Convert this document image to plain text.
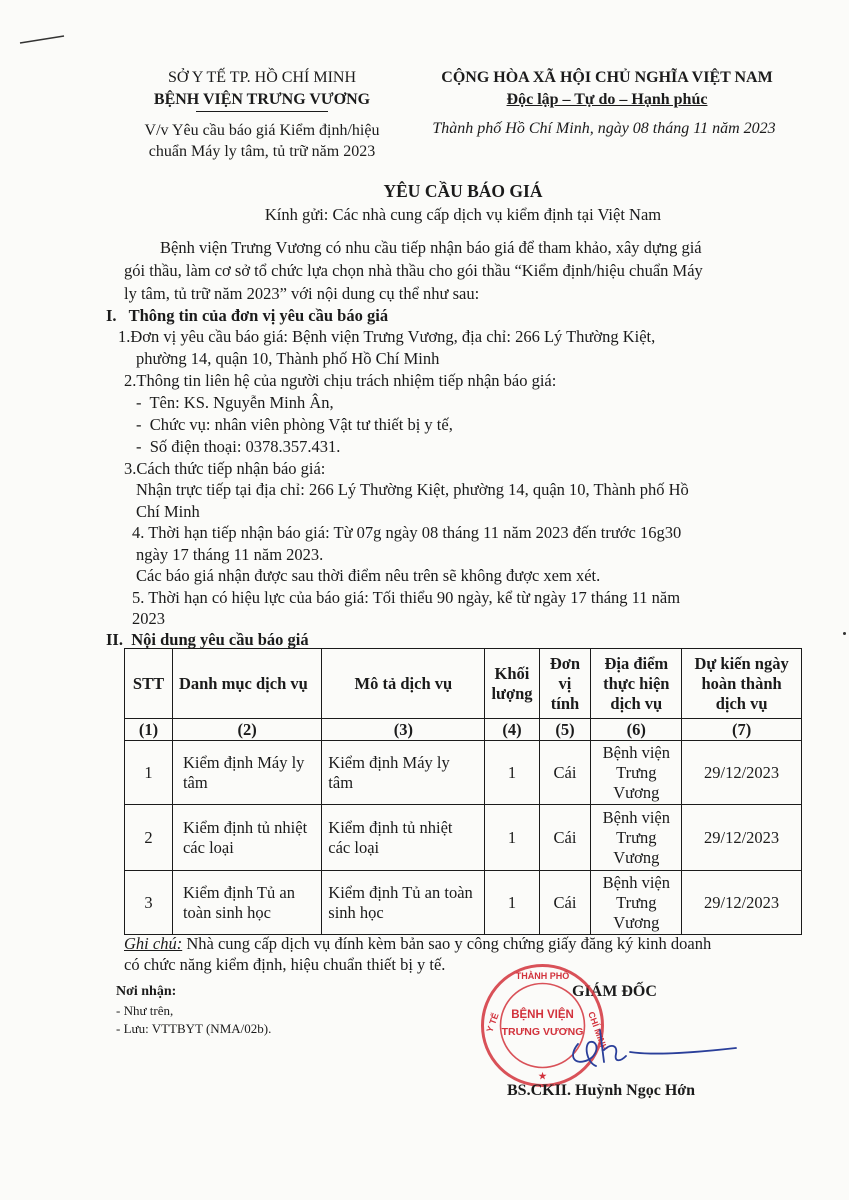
SỞ Y TẾ TP. HỒ CHÍ MINH
BỆNH VIỆN TRƯNG VƯƠNG
V/v Yêu cầu báo giá Kiểm định/hiệu
chuẩn Máy ly tâm, tủ trữ năm 2023
CỘNG HÒA XÃ HỘI CHỦ NGHĨA VIỆT NAM
Độc lập – Tự do – Hạnh phúc
Thành phố Hồ Chí Minh, ngày 08 tháng 11 năm 2023
YÊU CẦU BÁO GIÁ
Kính gửi: Các nhà cung cấp dịch vụ kiểm định tại Việt Nam
Bệnh viện Trưng Vương có nhu cầu tiếp nhận báo giá để tham khảo, xây dựng giá
gói thầu, làm cơ sở tổ chức lựa chọn nhà thầu cho gói thầu “Kiểm định/hiệu chuẩn Máy
ly tâm, tủ trữ năm 2023” với nội dung cụ thể như sau:
I.   Thông tin của đơn vị yêu cầu báo giá
1.Đơn vị yêu cầu báo giá: Bệnh viện Trưng Vương, địa chỉ: 266 Lý Thường Kiệt,
phường 14, quận 10, Thành phố Hồ Chí Minh
2.Thông tin liên hệ của người chịu trách nhiệm tiếp nhận báo giá:
-  Tên: KS. Nguyễn Minh Ân,
-  Chức vụ: nhân viên phòng Vật tư thiết bị y tế,
-  Số điện thoại: 0378.357.431.
3.Cách thức tiếp nhận báo giá:
Nhận trực tiếp tại địa chỉ: 266 Lý Thường Kiệt, phường 14, quận 10, Thành phố Hồ
Chí Minh
4. Thời hạn tiếp nhận báo giá: Từ 07g ngày 08 tháng 11 năm 2023 đến trước 16g30
ngày 17 tháng 11 năm 2023.
Các báo giá nhận được sau thời điểm nêu trên sẽ không được xem xét.
5. Thời hạn có hiệu lực của báo giá: Tối thiểu 90 ngày, kể từ ngày 17 tháng 11 năm
2023
II.  Nội dung yêu cầu báo giá
STT	Danh mục dịch vụ	Mô tả dịch vụ	Khối lượng	Đơn vị tính	Địa điểm thực hiện dịch vụ	Dự kiến ngày hoàn thành dịch vụ
(1)	(2)	(3)	(4)	(5)	(6)	(7)
1	Kiểm định Máy ly tâm	Kiểm định Máy ly tâm	1	Cái	Bệnh viện Trưng Vương	29/12/2023
2	Kiểm định tủ nhiệt các loại	Kiểm định tủ nhiệt các loại	1	Cái	Bệnh viện Trưng Vương	29/12/2023
3	Kiểm định Tủ an toàn sinh học	Kiểm định Tủ an toàn sinh học	1	Cái	Bệnh viện Trưng Vương	29/12/2023
Ghi chú: Nhà cung cấp dịch vụ đính kèm bản sao y công chứng giấy đăng ký kinh doanh
có chức năng kiểm định, hiệu chuẩn thiết bị y tế.
Nơi nhận:
- Như trên,
- Lưu: VTTBYT (NMA/02b).
GIÁM ĐỐC
BỆNH VIỆN
TRƯNG VƯƠNG
THÀNH PHỐ
Y TẾ	CHÍ MINH
★
BS.CKII. Huỳnh Ngọc Hớn
